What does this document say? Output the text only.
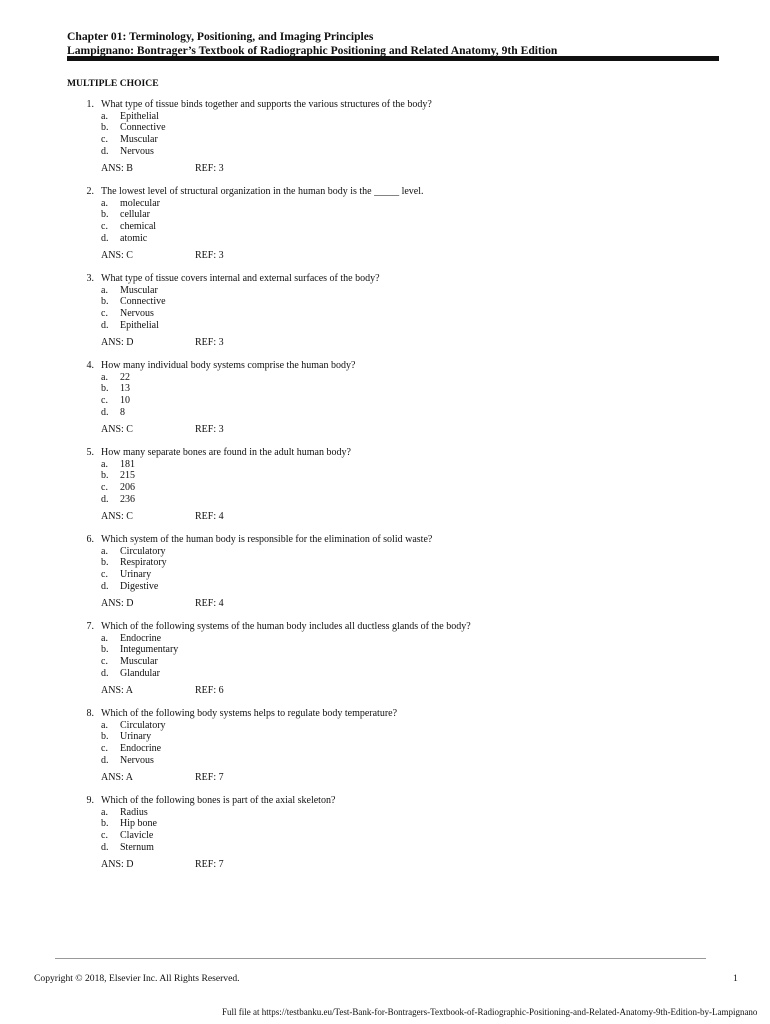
Chapter 01: Terminology, Positioning, and Imaging Principles
Lampignano: Bontrager’s Textbook of Radiographic Positioning and Related Anatomy, 9th Edition
MULTIPLE CHOICE
1. What type of tissue binds together and supports the various structures of the body?
a. Epithelial
b. Connective
c. Muscular
d. Nervous
ANS: B	REF: 3
2. The lowest level of structural organization in the human body is the _____ level.
a. molecular
b. cellular
c. chemical
d. atomic
ANS: C	REF: 3
3. What type of tissue covers internal and external surfaces of the body?
a. Muscular
b. Connective
c. Nervous
d. Epithelial
ANS: D	REF: 3
4. How many individual body systems comprise the human body?
a. 22
b. 13
c. 10
d. 8
ANS: C	REF: 3
5. How many separate bones are found in the adult human body?
a. 181
b. 215
c. 206
d. 236
ANS: C	REF: 4
6. Which system of the human body is responsible for the elimination of solid waste?
a. Circulatory
b. Respiratory
c. Urinary
d. Digestive
ANS: D	REF: 4
7. Which of the following systems of the human body includes all ductless glands of the body?
a. Endocrine
b. Integumentary
c. Muscular
d. Glandular
ANS: A	REF: 6
8. Which of the following body systems helps to regulate body temperature?
a. Circulatory
b. Urinary
c. Endocrine
d. Nervous
ANS: A	REF: 7
9. Which of the following bones is part of the axial skeleton?
a. Radius
b. Hip bone
c. Clavicle
d. Sternum
ANS: D	REF: 7
Copyright © 2018, Elsevier Inc. All Rights Reserved.	1
Full file at https://testbanku.eu/Test-Bank-for-Bontragers-Textbook-of-Radiographic-Positioning-and-Related-Anatomy-9th-Edition-by-Lampignano
